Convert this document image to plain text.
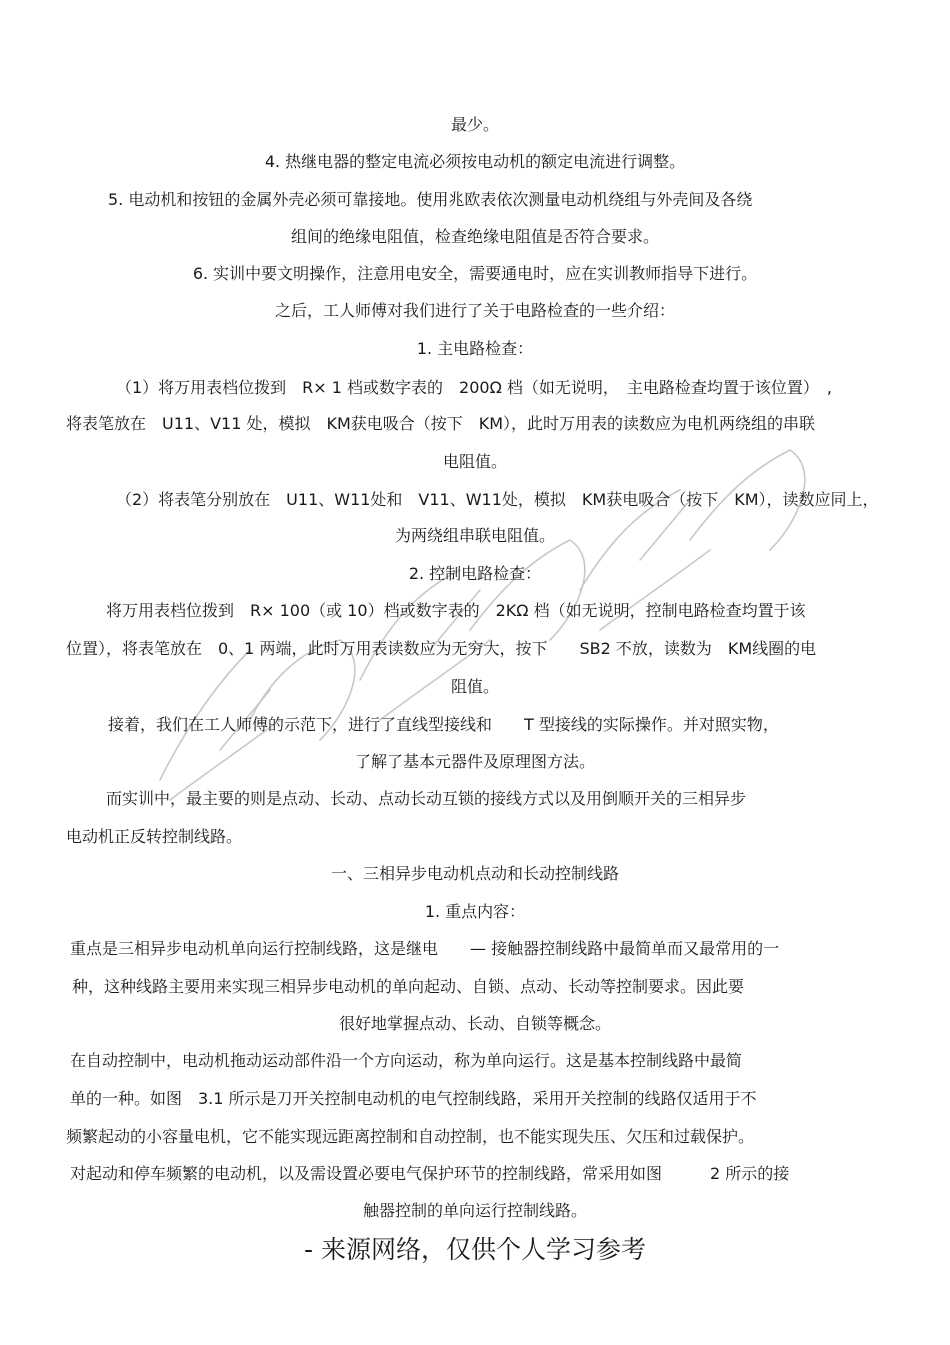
最少。
4. 热继电器的整定电流必须按电动机的额定电流进行调整。
5. 电动机和按钮的金属外壳必须可靠接地。使用兆欧表依次测量电动机绕组与外壳间及各绕
组间的绝缘电阻值，检查绝缘电阻值是否符合要求。
6. 实训中要文明操作，注意用电安全，需要通电时，应在实训教师指导下进行。
之后，工人师傅对我们进行了关于电路检查的一些介绍：
1. 主电路检查：
（1）将万用表档位拨到　R× 1 档或数字表的　200Ω 档（如无说明，　主电路检查均置于该位置）　,
将表笔放在　U11、V11 处，模拟　KM获电吸合（按下　KM），此时万用表的读数应为电机两绕组的串联
电阻值。
（2）将表笔分别放在　U11、W11处和　V11、W11处，模拟　KM获电吸合（按下　KM），读数应同上，
为两绕组串联电阻值。
2. 控制电路检查：
将万用表档位拨到　R× 100（或 10）档或数字表的　2KΩ 档（如无说明，控制电路检查均置于该
位置），将表笔放在　0、1 两端，此时万用表读数应为无穷大，按下　　SB2 不放，读数为　KM线圈的电
阻值。
接着，我们在工人师傅的示范下，进行了直线型接线和　　T 型接线的实际操作。并对照实物，
了解了基本元器件及原理图方法。
而实训中，最主要的则是点动、长动、点动长动互锁的接线方式以及用倒顺开关的三相异步
电动机正反转控制线路。
一、三相异步电动机点动和长动控制线路
1. 重点内容：
重点是三相异步电动机单向运行控制线路，这是继电　　— 接触器控制线路中最简单而又最常用的一
种，这种线路主要用来实现三相异步电动机的单向起动、自锁、点动、长动等控制要求。因此要
很好地掌握点动、长动、自锁等概念。
在自动控制中，电动机拖动运动部件沿一个方向运动，称为单向运行。这是基本控制线路中最简
单的一种。如图　3.1 所示是刀开关控制电动机的电气控制线路，采用开关控制的线路仅适用于不
频繁起动的小容量电机，它不能实现远距离控制和自动控制，也不能实现失压、欠压和过载保护。
对起动和停车频繁的电动机，以及需设置必要电气保护环节的控制线路，常采用如图　　　2 所示的接
触器控制的单向运行控制线路。
- 来源网络，仅供个人学习参考
